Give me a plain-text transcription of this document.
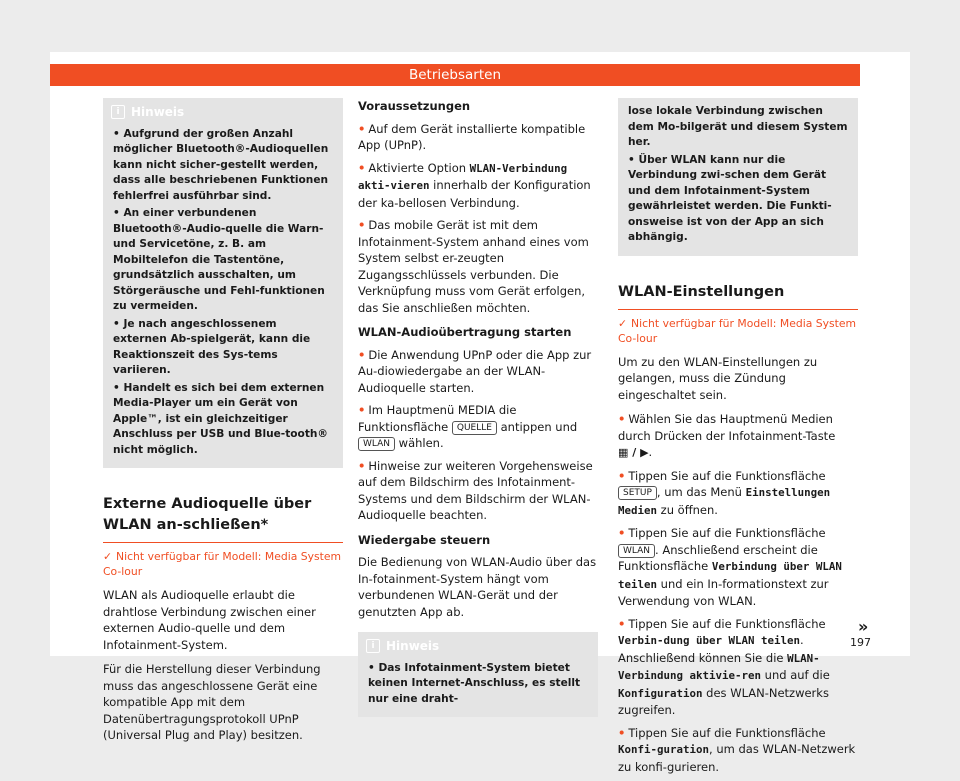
Betriebsarten
i Hinweis
• Aufgrund der großen Anzahl möglicher Bluetooth®-Audioquellen kann nicht sicher-gestellt werden, dass alle beschriebenen Funktionen fehlerfrei ausführbar sind.
• An einer verbundenen Bluetooth®-Audio-quelle die Warn- und Servicetöne, z. B. am Mobiltelefon die Tastentöne, grundsätzlich ausschalten, um Störgeräusche und Fehl-funktionen zu vermeiden.
• Je nach angeschlossenem externen Ab-spielgerät, kann die Reaktionszeit des Sys-tems variieren.
• Handelt es sich bei dem externen Media-Player um ein Gerät von Apple™, ist ein gleichzeitiger Anschluss per USB und Blue-tooth® nicht möglich.
Externe Audioquelle über WLAN an-schließen*
✓ Nicht verfügbar für Modell: Media System Co-lour

WLAN als Audioquelle erlaubt die drahtlose Verbindung zwischen einer externen Audio-quelle und dem Infotainment-System.

Für die Herstellung dieser Verbindung muss das angeschlossene Gerät eine kompatible App mit dem Datenübertragungsprotokoll UPnP (Universal Plug and Play) besitzen.

Voraussetzungen
• Auf dem Gerät installierte kompatible App (UPnP).
• Aktivierte Option WLAN-Verbindung akti-vieren innerhalb der Konfiguration der ka-bellosen Verbindung.
• Das mobile Gerät ist mit dem Infotainment-System anhand eines vom System selbst er-zeugten Zugangsschlüssels verbunden. Die Verknüpfung muss vom Gerät erfolgen, das Sie anschließen möchten.
WLAN-Audioübertragung starten
• Die Anwendung UPnP oder die App zur Au-diowiedergabe an der WLAN-Audioquelle starten.
• Im Hauptmenü MEDIA die Funktionsfläche QUELLE antippen und WLAN wählen.
• Hinweise zur weiteren Vorgehensweise auf dem Bildschirm des Infotainment-Systems und dem Bildschirm der WLAN-Audioquelle beachten.
Wiedergabe steuern

Die Bedienung von WLAN-Audio über das In-fotainment-System hängt vom verbundenen WLAN-Gerät und der genutzten App ab.

i Hinweis
• Das Infotainment-System bietet keinen Internet-Anschluss, es stellt nur eine draht-
lose lokale Verbindung zwischen dem Mo-bilgerät und diesem System her.
• Über WLAN kann nur die Verbindung zwi-schen dem Gerät und dem Infotainment-System gewährleistet werden. Die Funkti-onsweise ist von der App an sich abhängig.
WLAN-Einstellungen
✓ Nicht verfügbar für Modell: Media System Co-lour

Um zu den WLAN-Einstellungen zu gelangen, muss die Zündung eingeschaltet sein.

• Wählen Sie das Hauptmenü Medien durch Drücken der Infotainment-Taste ▦ / ▶.
• Tippen Sie auf die Funktionsfläche SETUP , um das Menü Einstellungen Medien zu öffnen.
• Tippen Sie auf die Funktionsfläche WLAN . Anschließend erscheint die Funktionsfläche Verbindung über WLAN teilen und ein In-formationstext zur Verwendung von WLAN.
• Tippen Sie auf die Funktionsfläche Verbin-dung über WLAN teilen. Anschließend können Sie die WLAN-Verbindung aktivie-ren und auf die Konfiguration des WLAN-Netzwerks zugreifen.
• Tippen Sie auf die Funktionsfläche Konfi-guration, um das WLAN-Netzwerk zu konfi-gurieren.
»
197
